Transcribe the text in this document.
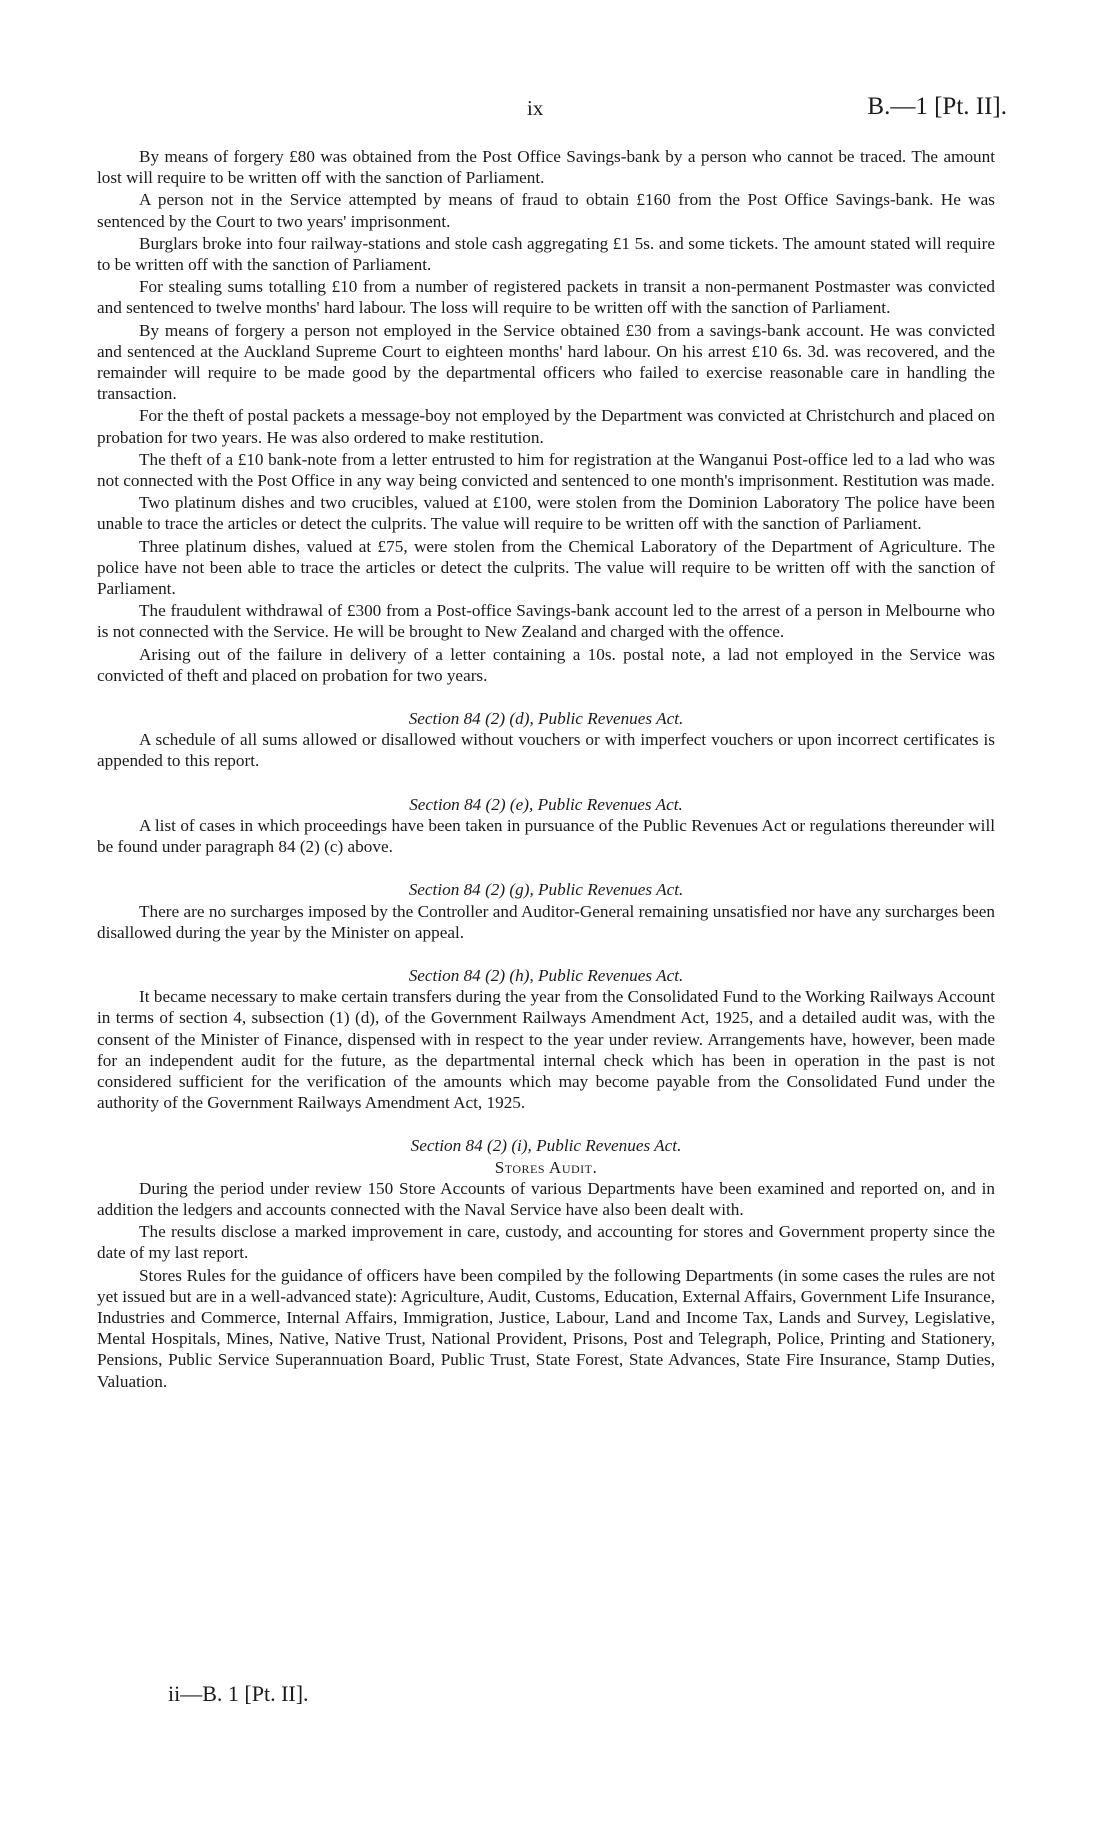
ix	B.—1 [Pt. II].

By means of forgery £80 was obtained from the Post Office Savings-bank by a person who cannot be traced. The amount lost will require to be written off with the sanction of Parliament.

A person not in the Service attempted by means of fraud to obtain £160 from the Post Office Savings-bank. He was sentenced by the Court to two years' imprisonment.

Burglars broke into four railway-stations and stole cash aggregating £1 5s. and some tickets. The amount stated will require to be written off with the sanction of Parliament.

For stealing sums totalling £10 from a number of registered packets in transit a non-permanent Postmaster was convicted and sentenced to twelve months' hard labour. The loss will require to be written off with the sanction of Parliament.

By means of forgery a person not employed in the Service obtained £30 from a savings-bank account. He was convicted and sentenced at the Auckland Supreme Court to eighteen months' hard labour. On his arrest £10 6s. 3d. was recovered, and the remainder will require to be made good by the departmental officers who failed to exercise reasonable care in handling the transaction.

For the theft of postal packets a message-boy not employed by the Department was convicted at Christchurch and placed on probation for two years. He was also ordered to make restitution.

The theft of a £10 bank-note from a letter entrusted to him for registration at the Wanganui Post-office led to a lad who was not connected with the Post Office in any way being convicted and sentenced to one month's imprisonment. Restitution was made.

Two platinum dishes and two crucibles, valued at £100, were stolen from the Dominion Laboratory The police have been unable to trace the articles or detect the culprits. The value will require to be written off with the sanction of Parliament.

Three platinum dishes, valued at £75, were stolen from the Chemical Laboratory of the Department of Agriculture. The police have not been able to trace the articles or detect the culprits. The value will require to be written off with the sanction of Parliament.

The fraudulent withdrawal of £300 from a Post-office Savings-bank account led to the arrest of a person in Melbourne who is not connected with the Service. He will be brought to New Zealand and charged with the offence.

Arising out of the failure in delivery of a letter containing a 10s. postal note, a lad not employed in the Service was convicted of theft and placed on probation for two years.

Section 84 (2) (d), Public Revenues Act.

A schedule of all sums allowed or disallowed without vouchers or with imperfect vouchers or upon incorrect certificates is appended to this report.

Section 84 (2) (e), Public Revenues Act.

A list of cases in which proceedings have been taken in pursuance of the Public Revenues Act or regulations thereunder will be found under paragraph 84 (2) (c) above.

Section 84 (2) (g), Public Revenues Act.

There are no surcharges imposed by the Controller and Auditor-General remaining unsatisfied nor have any surcharges been disallowed during the year by the Minister on appeal.

Section 84 (2) (h), Public Revenues Act.

It became necessary to make certain transfers during the year from the Consolidated Fund to the Working Railways Account in terms of section 4, subsection (1) (d), of the Government Railways Amendment Act, 1925, and a detailed audit was, with the consent of the Minister of Finance, dispensed with in respect to the year under review. Arrangements have, however, been made for an independent audit for the future, as the departmental internal check which has been in operation in the past is not considered sufficient for the verification of the amounts which may become payable from the Consolidated Fund under the authority of the Government Railways Amendment Act, 1925.

Section 84 (2) (i), Public Revenues Act.

Stores Audit.

During the period under review 150 Store Accounts of various Departments have been examined and reported on, and in addition the ledgers and accounts connected with the Naval Service have also been dealt with.

The results disclose a marked improvement in care, custody, and accounting for stores and Government property since the date of my last report.

Stores Rules for the guidance of officers have been compiled by the following Departments (in some cases the rules are not yet issued but are in a well-advanced state): Agriculture, Audit, Customs, Education, External Affairs, Government Life Insurance, Industries and Commerce, Internal Affairs, Immigration, Justice, Labour, Land and Income Tax, Lands and Survey, Legislative, Mental Hospitals, Mines, Native, Native Trust, National Provident, Prisons, Post and Telegraph, Police, Printing and Stationery, Pensions, Public Service Superannuation Board, Public Trust, State Forest, State Advances, State Fire Insurance, Stamp Duties, Valuation.

ii—B. 1 [Pt. II].
